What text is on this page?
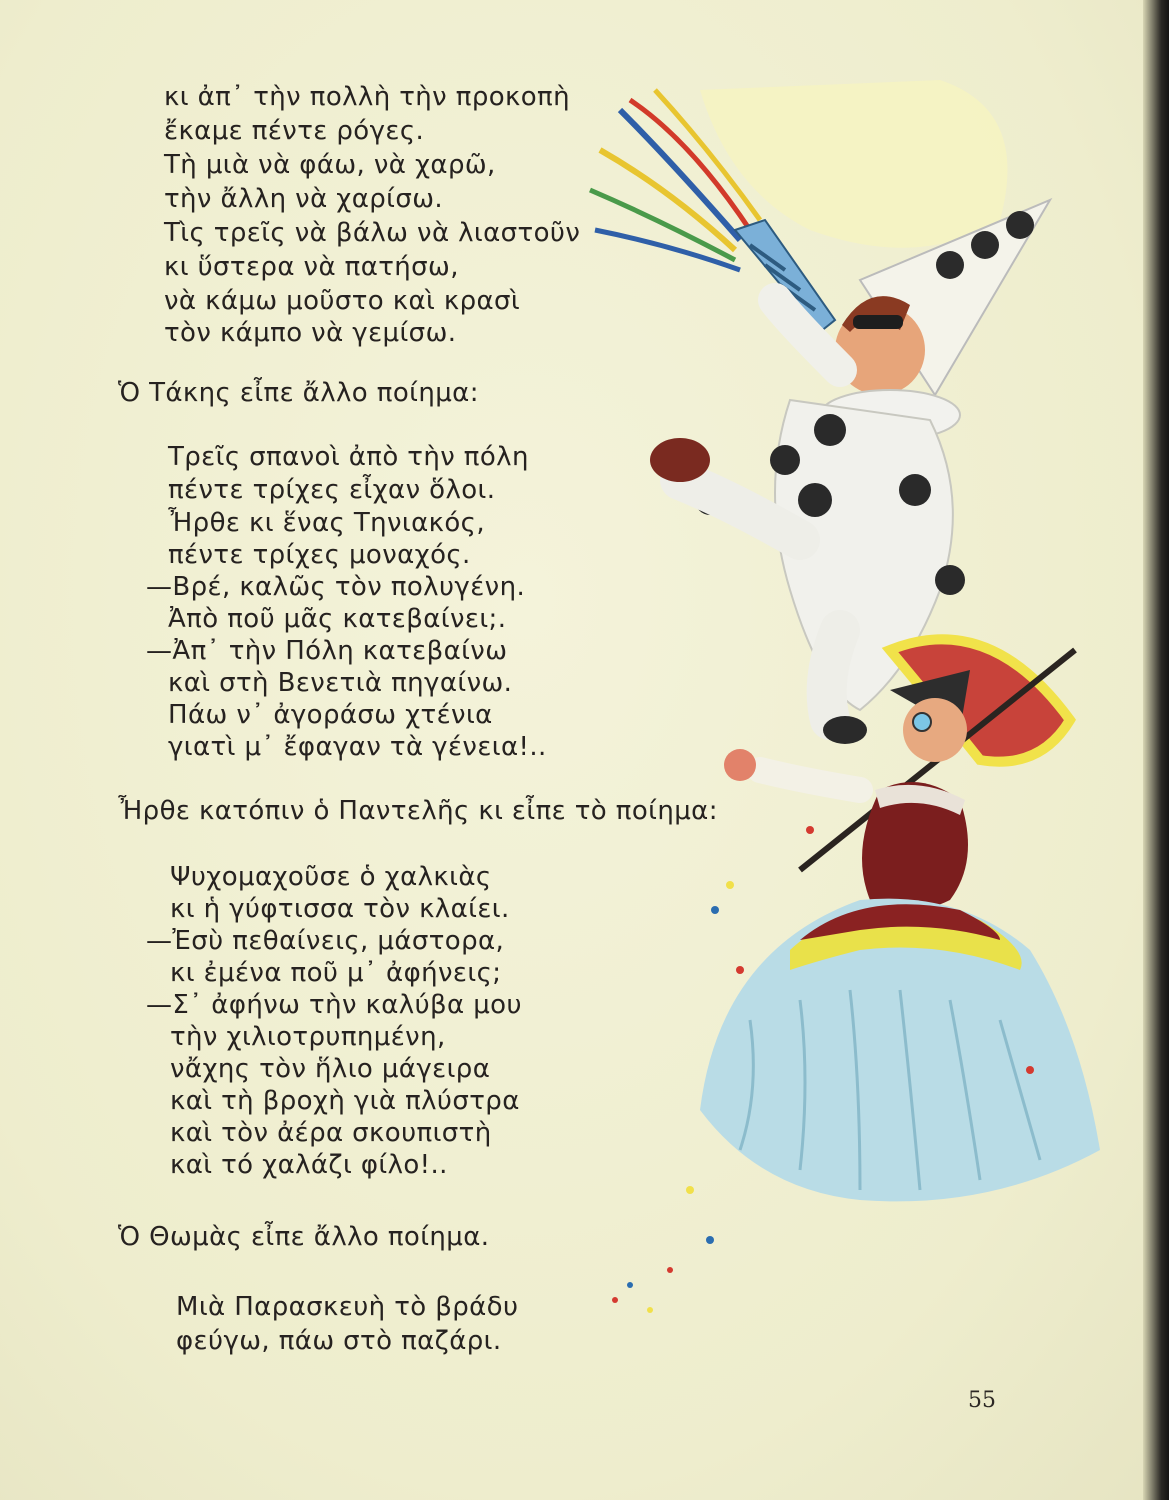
κι ἀπ᾿ τὴν πολλὴ τὴν προκοπὴ
ἔκαμε πέντε ρόγες.
Τὴ μιὰ νὰ φάω, νὰ χαρῶ,
τὴν ἄλλη νὰ χαρίσω.
Τὶς τρεῖς νὰ βάλω νὰ λιαστοῦν
κι ὕστερα νὰ πατήσω,
νὰ κάμω μοῦστο καὶ κρασὶ
τὸν κάμπο νὰ γεμίσω.
Ὁ Τάκης εἶπε ἄλλο ποίημα:
Τρεῖς σπανοὶ ἀπὸ τὴν πόλη
πέντε τρίχες εἶχαν ὅλοι.
Ἦρθε κι ἕνας Τηνιακός,
πέντε τρίχες μοναχός.
—Βρέ, καλῶς τὸν πολυγένη.
Ἀπὸ ποῦ μᾶς κατεβαίνει;.
—Ἀπ᾿ τὴν Πόλη κατεβαίνω
καὶ στὴ Βενετιὰ πηγαίνω.
Πάω ν᾿ ἀγοράσω χτένια
γιατὶ μ᾿ ἔφαγαν τὰ γένεια!..
Ἦρθε κατόπιν ὁ Παντελῆς κι εἶπε τὸ ποίημα:
Ψυχομαχοῦσε ὁ χαλκιὰς
κι ἡ γύφτισσα τὸν κλαίει.
—Ἐσὺ πεθαίνεις, μάστορα,
κι ἐμένα ποῦ μ᾿ ἀφήνεις;
—Σ᾿ ἀφήνω τὴν καλύβα μου
τὴν χιλιοτρυπημένη,
νἄχης τὸν ἥλιο μάγειρα
καὶ τὴ βροχὴ γιὰ πλύστρα
καὶ τὸν ἀέρα σκουπιστὴ
καὶ τό χαλάζι φίλο!..
Ὁ Θωμὰς εἶπε ἄλλο ποίημα.
Μιὰ Παρασκευὴ τὸ βράδυ
φεύγω, πάω στὸ παζάρι.
55
